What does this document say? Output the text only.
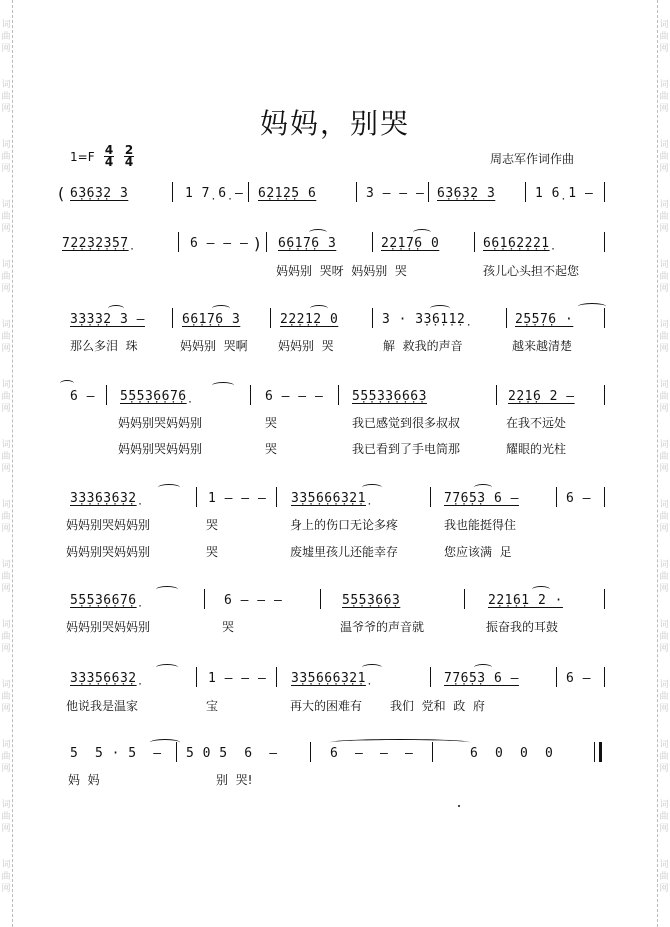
词
曲
网
词
曲
网
词
曲
网
词
曲
网
词
曲
网
词
曲
网
词
曲
网
词
曲
网
词
曲
网
词
曲
网
词
曲
网
词
曲
网
词
曲
网
词
曲
网
词
曲
网
词
曲
网
词
曲
网
词
曲
网
词
曲
网
词
曲
网
词
曲
网
词
曲
网
词
曲
网
词
曲
网
词
曲
网
词
曲
网
词
曲
网
词
曲
网
词
曲
网
词
曲
网
妈妈，别哭
$1=F \frac{4}{4} \frac{2}{4}$	周志军作词作曲
( 6̣3̣6̣3̣2 3	1 7̣ 6̣ – 6̣2̣1̣2̣5 6	3 – – – 6̣3̣6̣3̣2 3	1 6̣ 1 –
7̣2̣2̣3̣2̣3̣5̣7̣	6 – – – ) 6̣6̣1̣7̣6 3	2̣2̣1̣7̣6 0	6̣6̣1̣6̣2̣2̣2̣1̣
妈妈别  哭呀  妈妈别  哭	孩儿心头担不起您
3̣3̣3̣3̣2 3 –	6̣6̣1̣7̣6 3	2̣2̣2̣1̣2 0	3 · 3̣3̣6̣1̣1̣2̣	2̣5̣5̣7̣6 ·
那么多泪  珠	妈妈别  哭啊	妈妈别  哭	解  救我的声音	越来越清楚
6 – 5̣5̣5̣3̣6̣6̣7̣6̣	6 – – – 5̣5̣5̣3̣3̣6̣6̣6̣3	2̣2̣1̣6 2 –
妈妈别哭妈妈别	哭	我已感觉到很多叔叔	在我不远处
妈妈别哭妈妈别	哭	我已看到了手电筒那	耀眼的光柱
3̣3̣3̣6̣3̣6̣3̣2̣	1 – – – 3̣3̣5̣6̣6̣6̣3̣2̣1̣	7̣7̣6̣5̣3 6 –	6 –
妈妈别哭妈妈别	哭	身上的伤口无论多疼	我也能挺得住
妈妈别哭妈妈别	哭	废墟里孩儿还能幸存	您应该满  足
5̣5̣5̣3̣6̣6̣7̣6̣	6 – – –	5̣5̣5̣3̣6̣6̣3	2̣2̣1̣6̣1 2 ·
妈妈别哭妈妈别	哭	温爷爷的声音就	振奋我的耳鼓
3̣3̣3̣5̣6̣6̣3̣2̣	1 – – – 3̣3̣5̣6̣6̣6̣3̣2̣1̣	7̣7̣6̣5̣3 6 –	6 –
他说我是温家	宝	再大的困难有 我们  党和  政  府
5  5 · 5  – 5 0 5  6  –	6  –  –  –	6  0  0  0
妈  妈	别  哭!
